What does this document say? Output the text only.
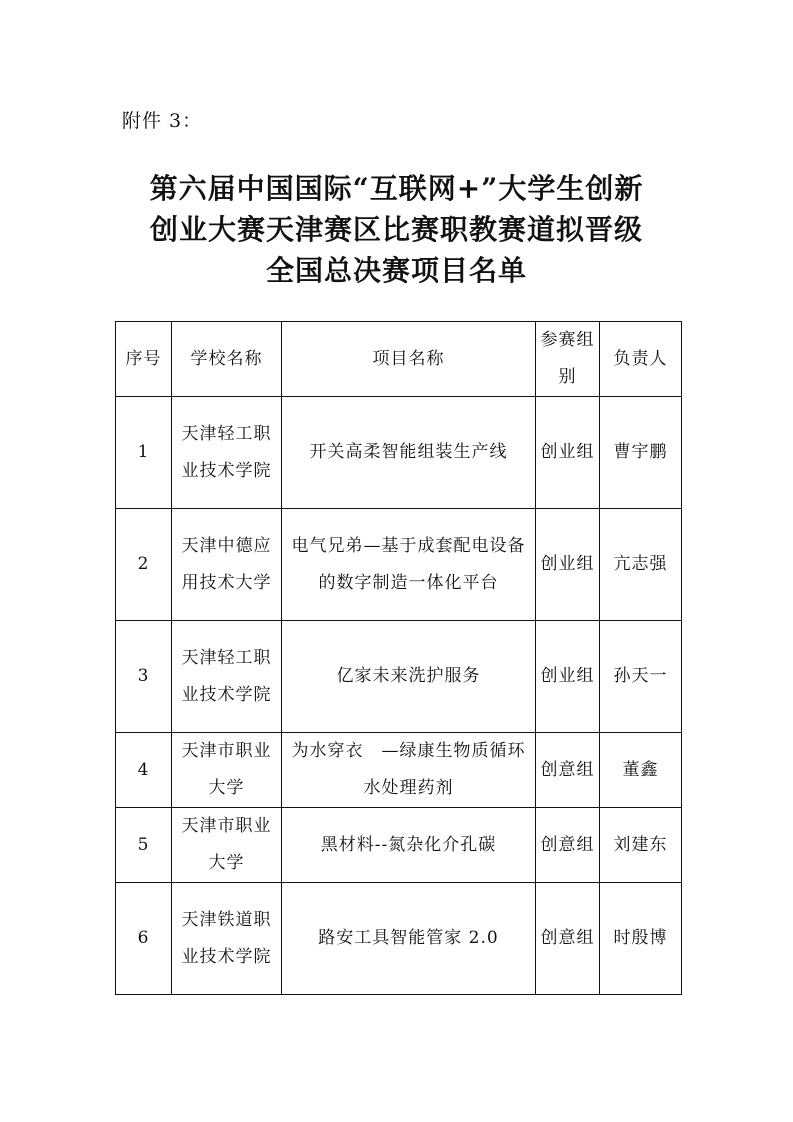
附件 3：
第六届中国国际“互联网+”大学生创新
创业大赛天津赛区比赛职教赛道拟晋级
全国总决赛项目名单
序号	学校名称	项目名称	参赛组别	负责人
1	天津轻工职业技术学院	开关高柔智能组装生产线	创业组	曹宇鹏
2	天津中德应用技术大学	电气兄弟—基于成套配电设备的数字制造一体化平台	创业组	亢志强
3	天津轻工职业技术学院	亿家未来洗护服务	创业组	孙天一
4	天津市职业大学	为水穿衣　—绿康生物质循环水处理药剂	创意组	董鑫
5	天津市职业大学	黑材料--氮杂化介孔碳	创意组	刘建东
6	天津铁道职业技术学院	路安工具智能管家 2.0	创意组	时殷博
